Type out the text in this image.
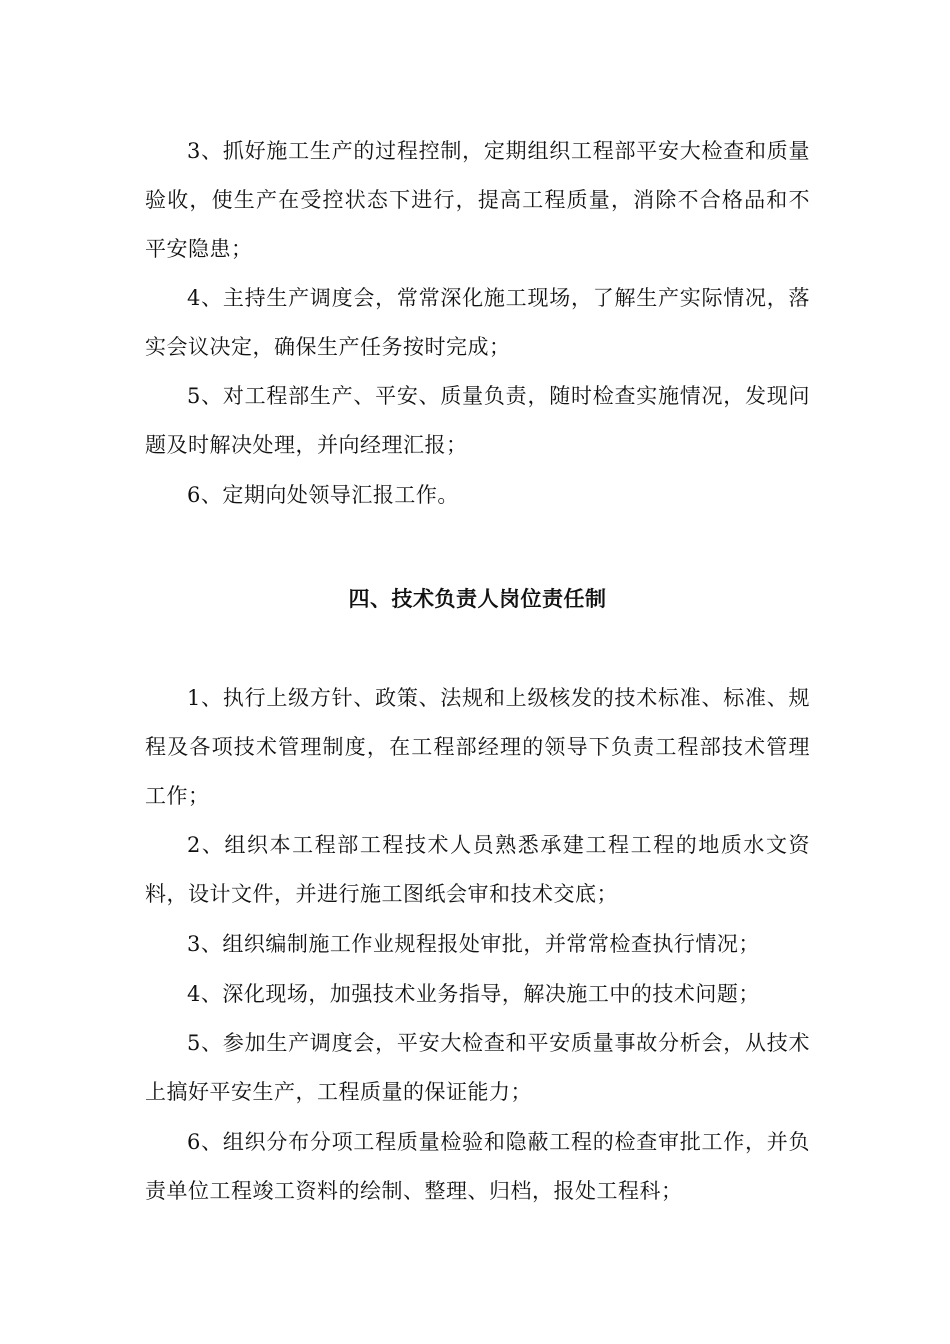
3、抓好施工生产的过程控制，定期组织工程部平安大检查和质量验收，使生产在受控状态下进行，提高工程质量，消除不合格品和不平安隐患；

4、主持生产调度会，常常深化施工现场，了解生产实际情况，落实会议决定，确保生产任务按时完成；

5、对工程部生产、平安、质量负责，随时检查实施情况，发现问题及时解决处理，并向经理汇报；

6、定期向处领导汇报工作。

四、技术负责人岗位责任制

1、执行上级方针、政策、法规和上级核发的技术标准、标准、规程及各项技术管理制度，在工程部经理的领导下负责工程部技术管理工作；

2、组织本工程部工程技术人员熟悉承建工程工程的地质水文资料，设计文件，并进行施工图纸会审和技术交底；

3、组织编制施工作业规程报处审批，并常常检查执行情况；

4、深化现场，加强技术业务指导，解决施工中的技术问题；

5、参加生产调度会，平安大检查和平安质量事故分析会，从技术上搞好平安生产，工程质量的保证能力；

6、组织分布分项工程质量检验和隐蔽工程的检查审批工作，并负责单位工程竣工资料的绘制、整理、归档，报处工程科；
